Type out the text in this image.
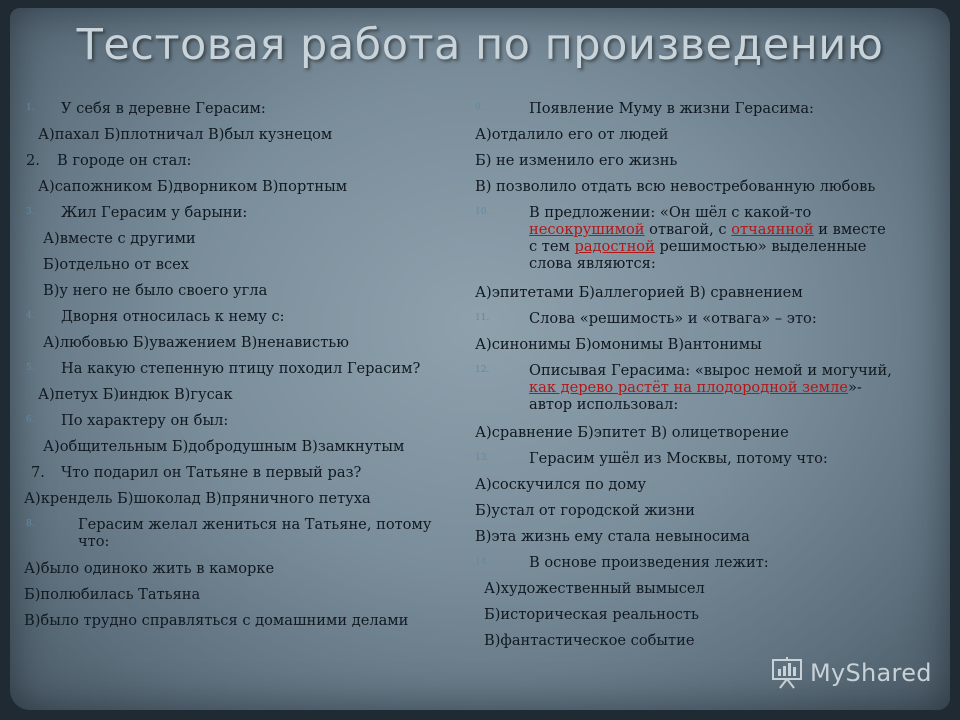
Тестовая работа по произведению
1. У себя в деревне Герасим:
А)пахал Б)плотничал В)был кузнецом
2. В городе он стал:
А)сапожником Б)дворником В)портным
3. Жил Герасим у барыни:
А)вместе с другими
Б)отдельно от всех
В)у него не было своего угла
4. Дворня относилась к нему с:
А)любовью Б)уважением В)ненавистью
5. На какую степенную птицу походил Герасим?
А)петух Б)индюк В)гусак
6. По характеру он был:
А)общительным Б)добродушным В)замкнутым
7. Что подарил он Татьяне в первый раз?
А)крендель Б)шоколад В)пряничного петуха
8.	Герасим желал жениться на Татьяне, потому
что:
А)было одиноко жить в каморке
Б)полюбилась Татьяна
В)было трудно справляться с домашними делами
9.	Появление Муму в жизни Герасима:
А)отдалило его от людей
Б) не изменило его жизнь
В) позволило отдать всю невостребованную любовь
10.	В предложении: «Он шёл с какой-то
несокрушимой отвагой, с отчаянной и вместе
с тем радостной решимостью» выделенные
слова являются:
А)эпитетами Б)аллегорией В) сравнением
11.	Слова «решимость» и «отвага» – это:
А)синонимы Б)омонимы В)антонимы
12.	Описывая Герасима: «вырос немой и могучий,
как дерево растёт на плодородной земле»-
автор использовал:
А)сравнение Б)эпитет В) олицетворение
13.	Герасим ушёл из Москвы, потому что:
А)соскучился по дому
Б)устал от городской жизни
В)эта жизнь ему стала невыносима
14.	В основе произведения лежит:
А)художественный вымысел
Б)историческая реальность
В)фантастическое событие
MyShared
